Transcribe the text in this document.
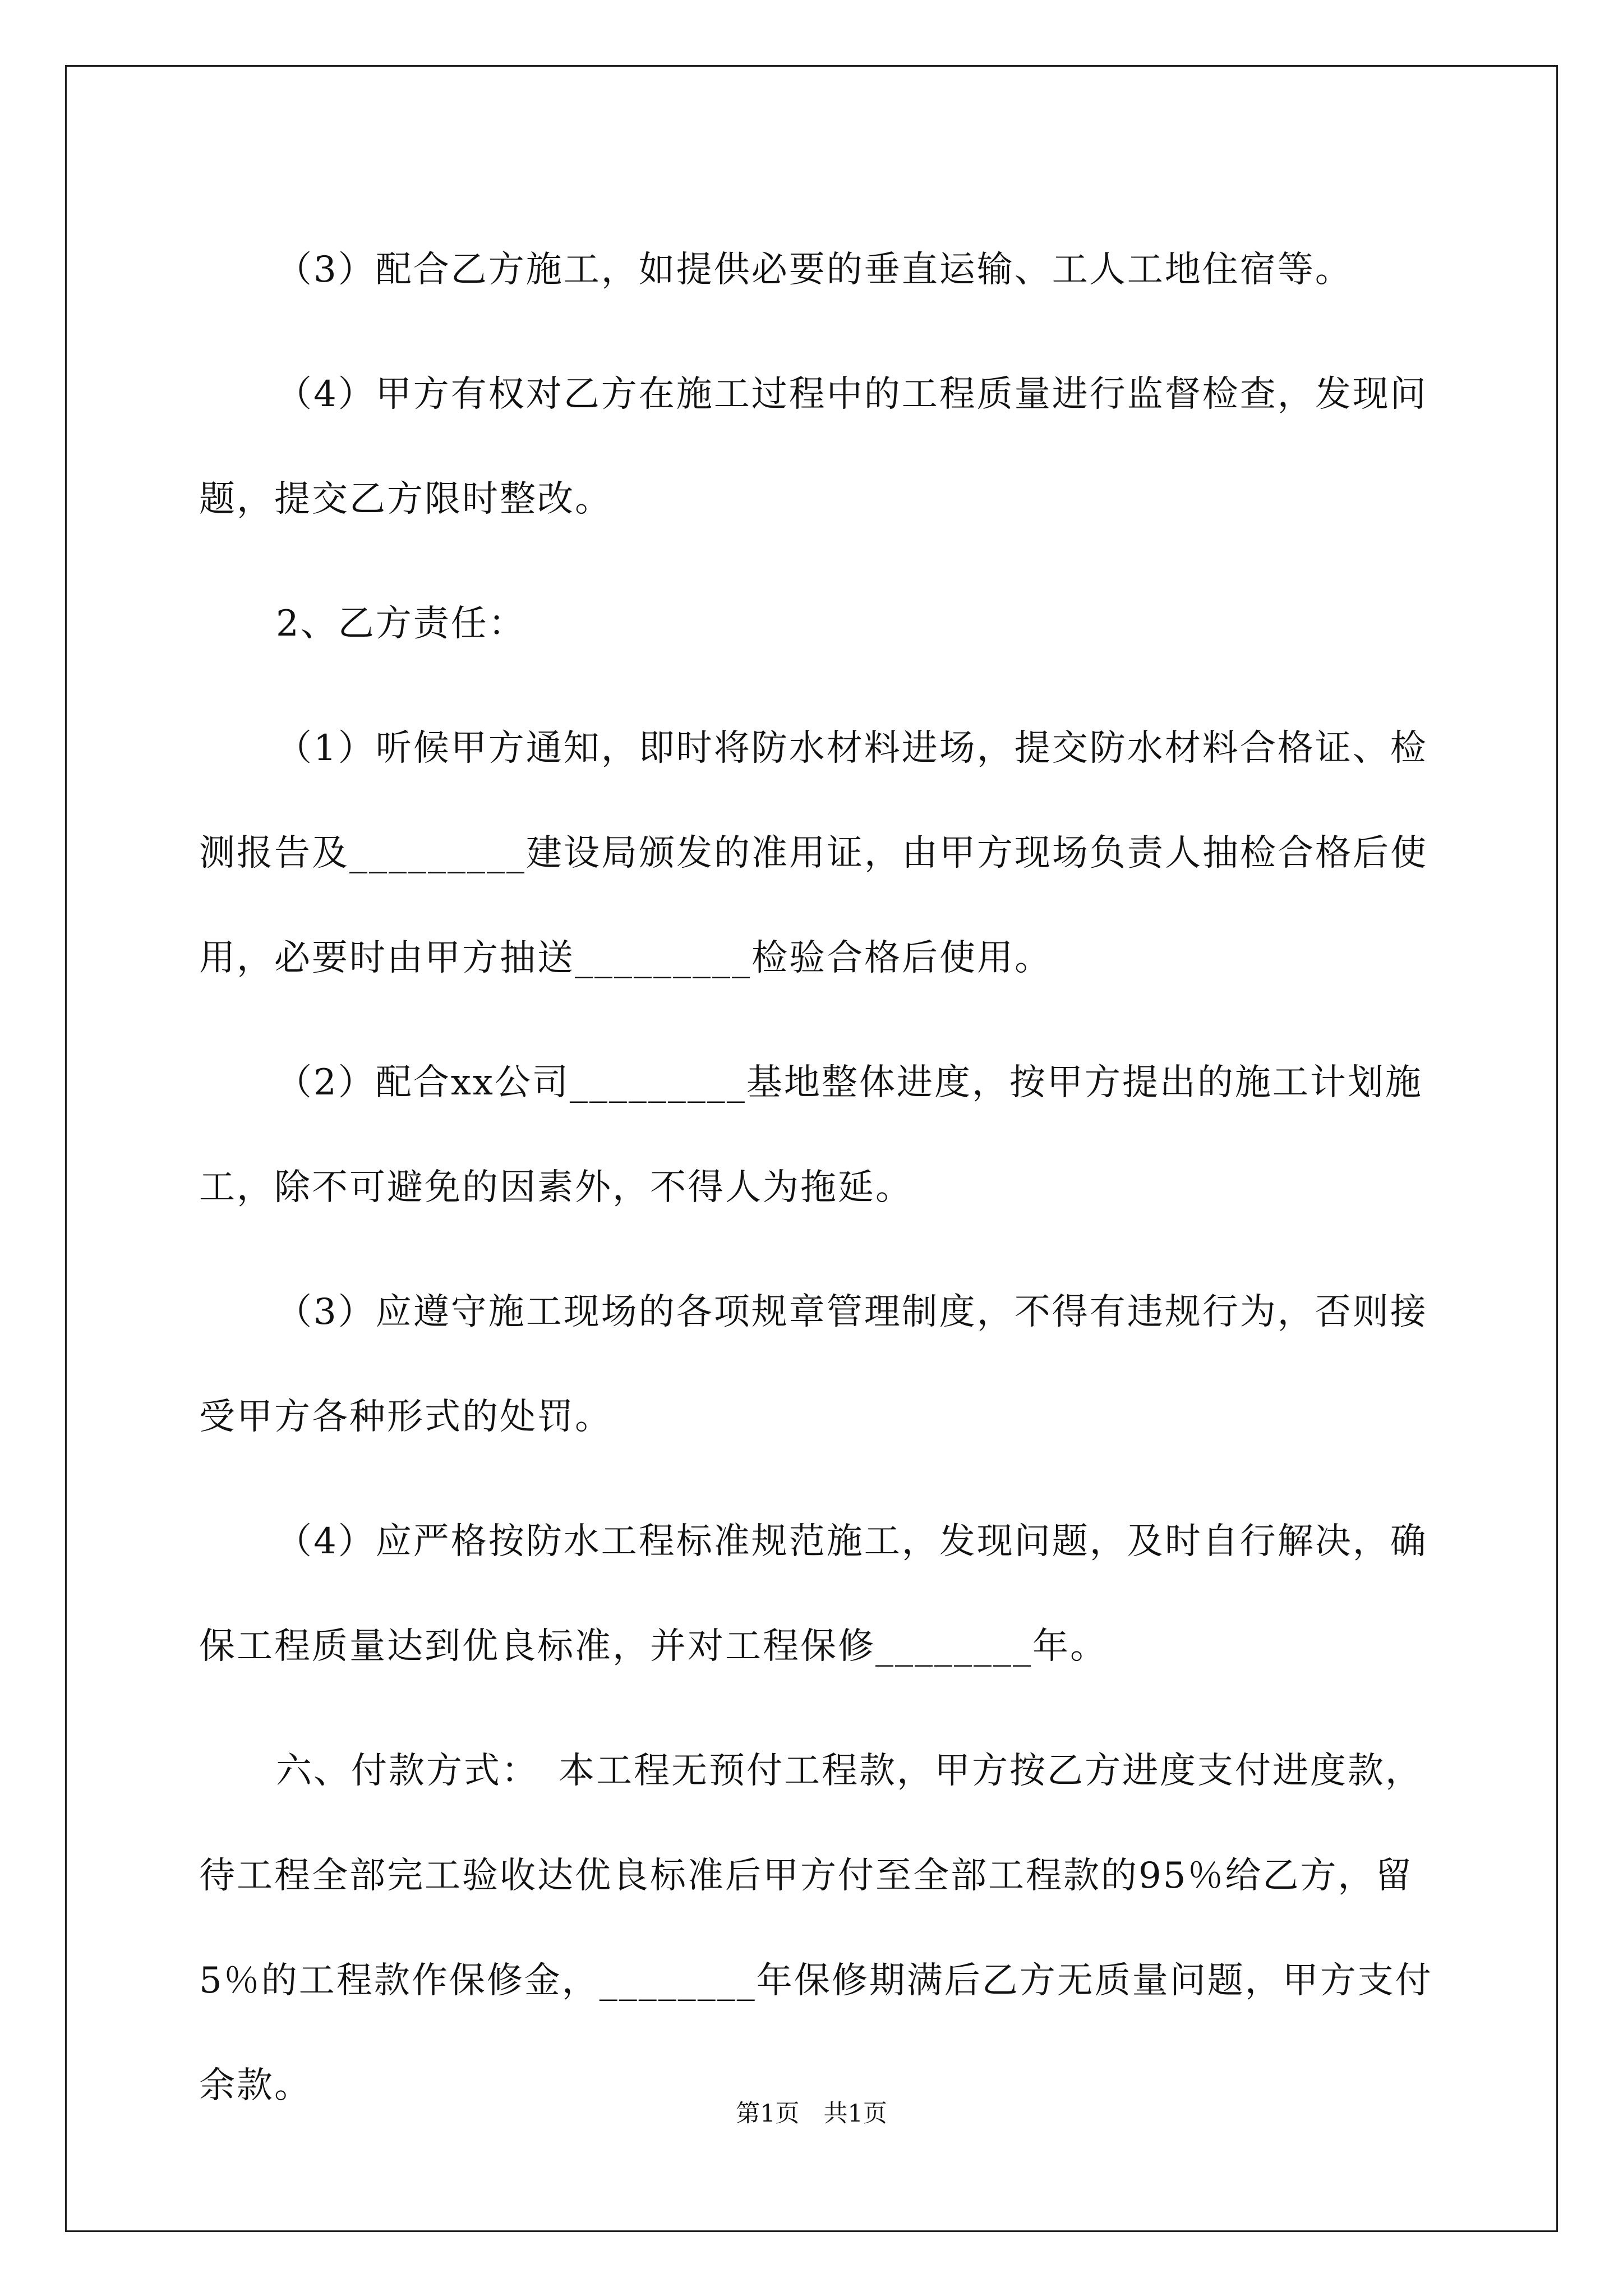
（3）配合乙方施工，如提供必要的垂直运输、工人工地住宿等。

（4）甲方有权对乙方在施工过程中的工程质量进行监督检查，发现问题，提交乙方限时整改。

2、乙方责任：

（1）听候甲方通知，即时将防水材料进场，提交防水材料合格证、检测报告及_________建设局颁发的准用证，由甲方现场负责人抽检合格后使用，必要时由甲方抽送_________检验合格后使用。

（2）配合xx公司_________基地整体进度，按甲方提出的施工计划施工，除不可避免的因素外，不得人为拖延。

（3）应遵守施工现场的各项规章管理制度，不得有违规行为，否则接受甲方各种形式的处罚。

（4）应严格按防水工程标准规范施工，发现问题，及时自行解决，确保工程质量达到优良标准，并对工程保修________年。

六、付款方式：　本工程无预付工程款，甲方按乙方进度支付进度款，待工程全部完工验收达优良标准后甲方付至全部工程款的95％给乙方，留5％的工程款作保修金，________年保修期满后乙方无质量问题，甲方支付余款。

第1页　共1页
